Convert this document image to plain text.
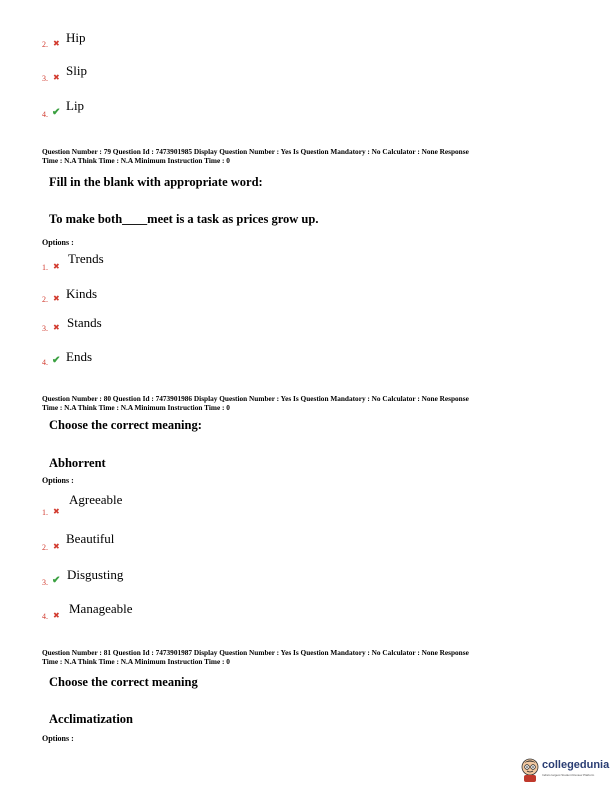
2. ✖ Hip
3. ✖ Slip
4. ✔ Lip
Question Number : 79 Question Id : 7473901985 Display Question Number : Yes Is Question Mandatory : No Calculator : None Response
Time : N.A Think Time : N.A Minimum Instruction Time : 0
Fill in the blank with appropriate word:
To make both____meet is a task as prices grow up.
Options :
1. ✖
Trends
2. ✖ Kinds
3. ✖ Stands
4. ✔ Ends
Question Number : 80 Question Id : 7473901986 Display Question Number : Yes Is Question Mandatory : No Calculator : None Response
Time : N.A Think Time : N.A Minimum Instruction Time : 0
Choose the correct meaning:
Abhorrent
Options :
1. ✖
Agreeable
2. ✖
Beautiful
3. ✔ Disgusting
4. ✖ Manageable
Question Number : 81 Question Id : 7473901987 Display Question Number : Yes Is Question Mandatory : No Calculator : None Response
Time : N.A Think Time : N.A Minimum Instruction Time : 0
Choose the correct meaning
Acclimatization
Options :
collegedunia
India's largest Student Review Platform
